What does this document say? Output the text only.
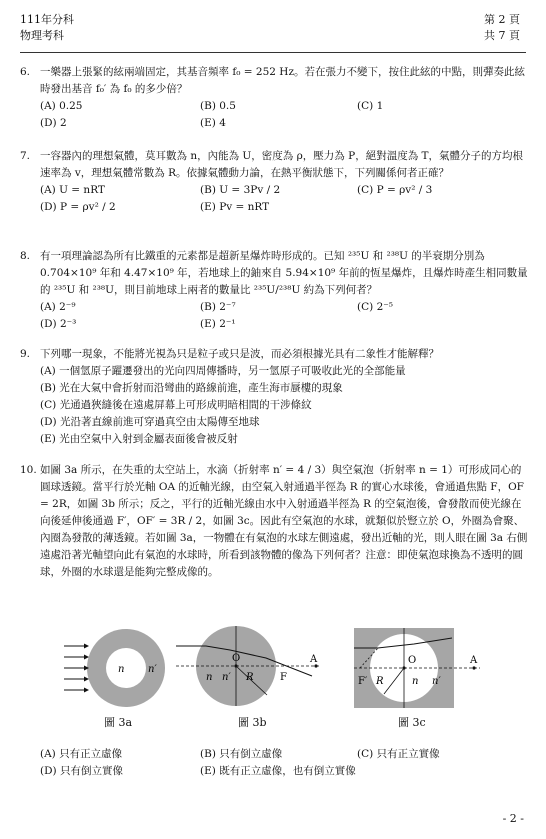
111年分科
物理考科
第 2 頁
共 7 頁
6. 一樂器上張緊的絃兩端固定，其基音頻率 f₀ = 252 Hz。若在張力不變下，按住此絃的中點，則彈奏此絃時發出基音 f₀′ 為 f₀ 的多少倍？
(A) 0.25	(B) 0.5	(C) 1
(D) 2	(E) 4
7. 一容器內的理想氣體，莫耳數為 n，內能為 U，密度為 ρ，壓力為 P，絕對溫度為 T，氣體分子的方均根速率為 v，理想氣體常數為 R。依據氣體動力論，在熱平衡狀態下，下列關係何者正確？
(A) U = nRT	(B) U = 3Pv / 2	(C) P = ρv² / 3
(D) P = ρv² / 2	(E) Pv = nRT
8. 有一項理論認為所有比鐵重的元素都是超新星爆炸時形成的。已知 ²³⁵U 和 ²³⁸U 的半衰期分別為 0.704×10⁹ 年和 4.47×10⁹ 年，若地球上的鈾來自 5.94×10⁹ 年前的恆星爆炸，且爆炸時產生相同數量的 ²³⁵U 和 ²³⁸U，則目前地球上兩者的數量比 ²³⁵U/²³⁸U 約為下列何者？
(A) 2⁻⁹	(B) 2⁻⁷	(C) 2⁻⁵
(D) 2⁻³	(E) 2⁻¹
9. 下列哪一現象，不能將光視為只是粒子或只是波，而必須根據光具有二象性才能解釋？
(A) 一個氫原子躍遷發出的光向四周傳播時，另一氫原子可吸收此光的全部能量
(B) 光在大氣中會折射而沿彎曲的路線前進，產生海市蜃樓的現象
(C) 光通過狹縫後在遠處屏幕上可形成明暗相間的干涉條紋
(D) 光沿著直線前進可穿過真空由太陽傳至地球
(E) 光由空氣中入射到金屬表面後會被反射
10. 如圖 3a 所示，在失重的太空站上，水滴（折射率 n′ = 4 / 3）與空氣泡（折射率 n = 1）可形成同心的圓球透鏡。當平行於光軸 OA 的近軸光線，由空氣入射通過半徑為 R 的實心水球後，會通過焦點 F，OF = 2R，如圖 3b 所示；反之，平行的近軸光線由水中入射通過半徑為 R 的空氣泡後，會發散而使光線在向後延伸後通過 F′，OF′ = 3R / 2，如圖 3c。因此有空氣泡的水球，就類似於豎立於 O，外圈為會聚、內圈為發散的薄透鏡。若如圖 3a，一物體在有氣泡的水球左側遠處，發出近軸的光，則人眼在圖 3a 右側遠處沿著光軸望向此有氣泡的水球時，所看到該物體的像為下列何者？注意：即使氣泡球換為不透明的圓球，外圈的水球還是能夠完整成像的。
n n′
n n′
O
R	F
A
F′ R	n n′
O	A
圖 3a	圖 3b	圖 3c
(A) 只有正立虛像	(B) 只有倒立虛像	(C) 只有正立實像
(D) 只有倒立實像	(E) 既有正立虛像，也有倒立實像
- 2 -
